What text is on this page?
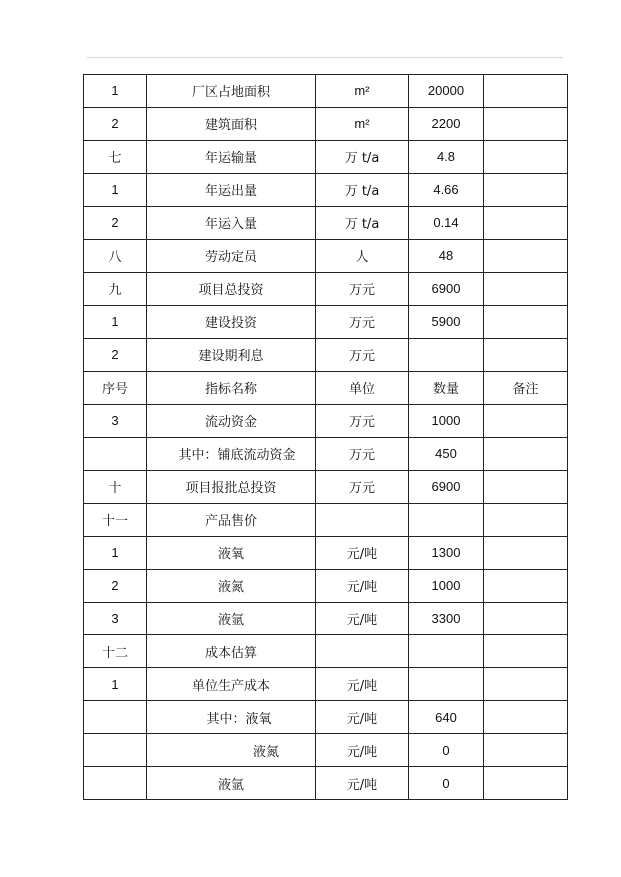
1	厂区占地面积	m²	20000	
2	建筑面积	m²	2200	
七	年运输量	万 t/a	4.8	
1	年运出量	万 t/a	4.66	
2	年运入量	万 t/a	0.14	
八	劳动定员	人	48	
九	项目总投资	万元	6900	
1	建设投资	万元	5900	
2	建设期利息	万元		
序号	指标名称	单位	数量	备注
3	流动资金	万元	1000	
	其中：铺底流动资金	万元	450	
十	项目报批总投资	万元	6900	
十一	产品售价			
1	液氧	元/吨	1300	
2	液氮	元/吨	1000	
3	液氩	元/吨	3300	
十二	成本估算			
1	单位生产成本	元/吨		
	其中：液氧	元/吨	640	
	液氮	元/吨	0	
	液氩	元/吨	0	
